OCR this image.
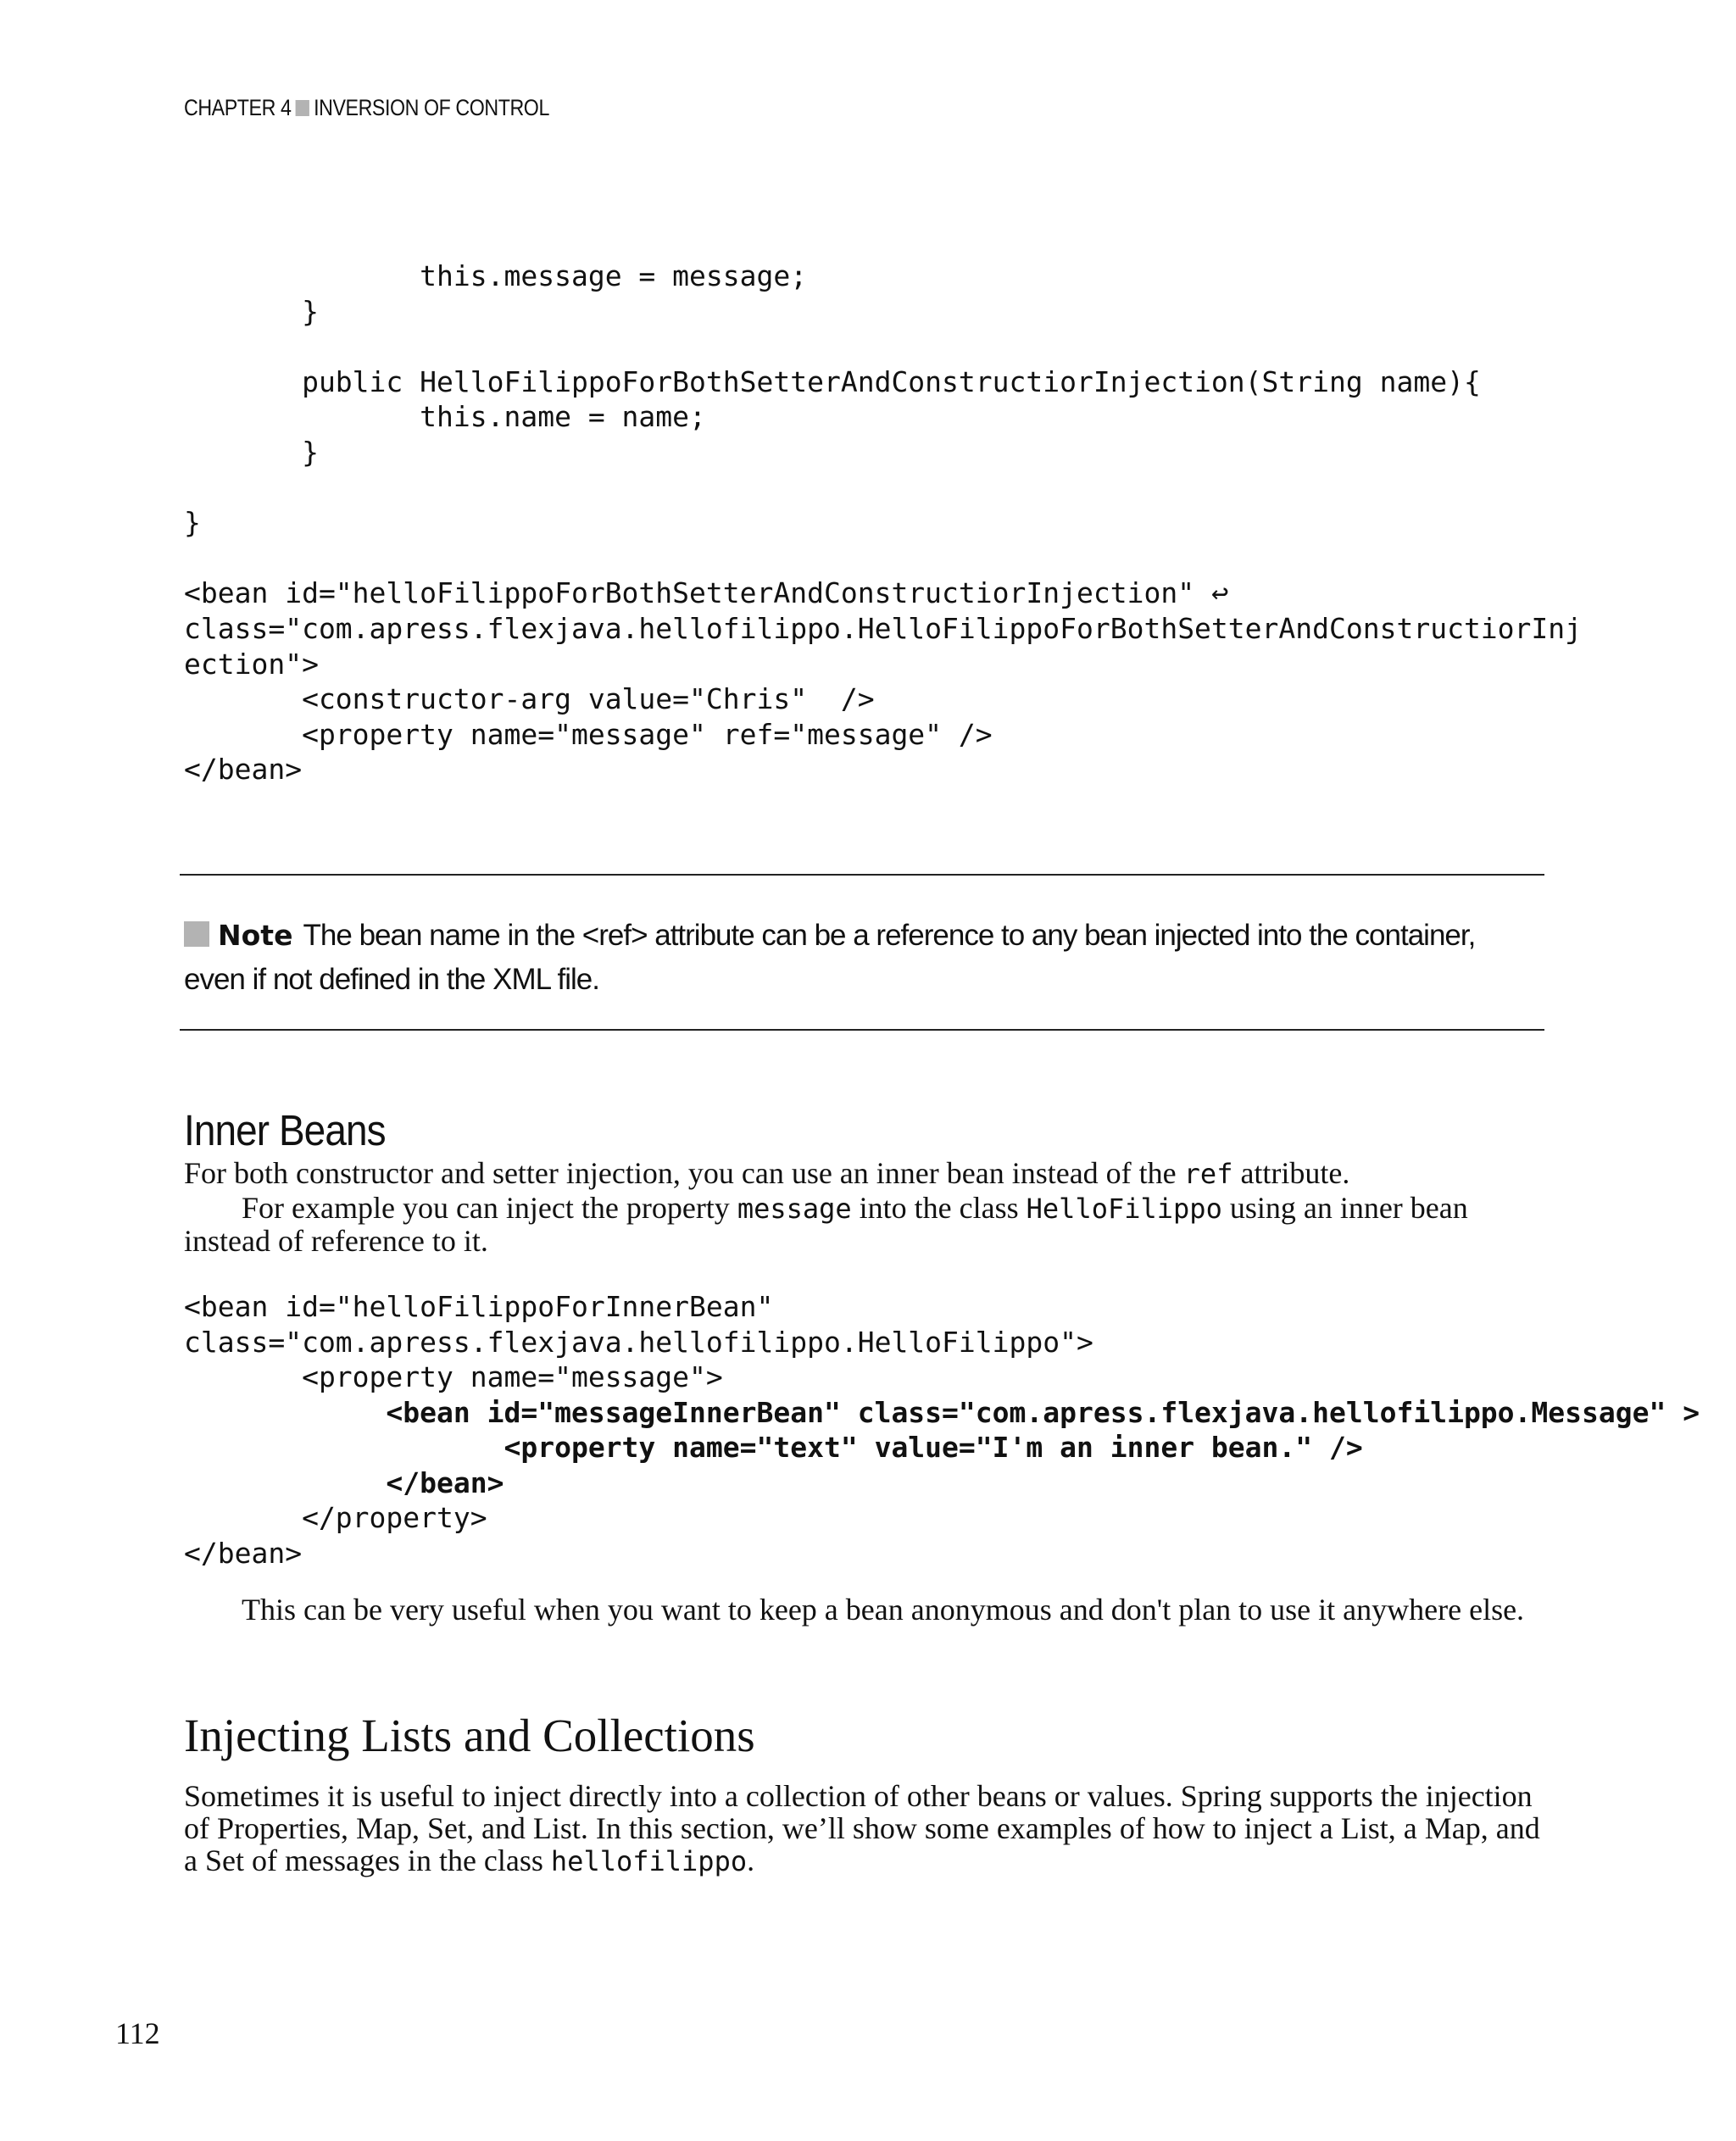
CHAPTER 4 INVERSION OF CONTROL
this.message = message;
}

public HelloFilippoForBothSetterAndConstructiorInjection(String name){
this.name = name;
}

}

<bean id="helloFilippoForBothSetterAndConstructiorInjection" ↩
class="com.apress.flexjava.hellofilippo.HelloFilippoForBothSetterAndConstructiorInj
ection">
<constructor-arg value="Chris"  />
<property name="message" ref="message" />
</bean>
Note The bean name in the <ref> attribute can be a reference to any bean injected into the container, even if not defined in the XML file.
Inner Beans

For both constructor and setter injection, you can use an inner bean instead of the ref attribute.

For example you can inject the property message into the class HelloFilippo using an inner bean instead of reference to it.

<bean id="helloFilippoForInnerBean"
class="com.apress.flexjava.hellofilippo.HelloFilippo">
<property name="message">
<bean id="messageInnerBean" class="com.apress.flexjava.hellofilippo.Message" >
<property name="text" value="I'm an inner bean." />
</bean>
</property>
</bean>

This can be very useful when you want to keep a bean anonymous and don't plan to use it anywhere else.

Injecting Lists and Collections

Sometimes it is useful to inject directly into a collection of other beans or values. Spring supports the injection of Properties, Map, Set, and List. In this section, we’ll show some examples of how to inject a List, a Map, and a Set of messages in the class hellofilippo.

112
